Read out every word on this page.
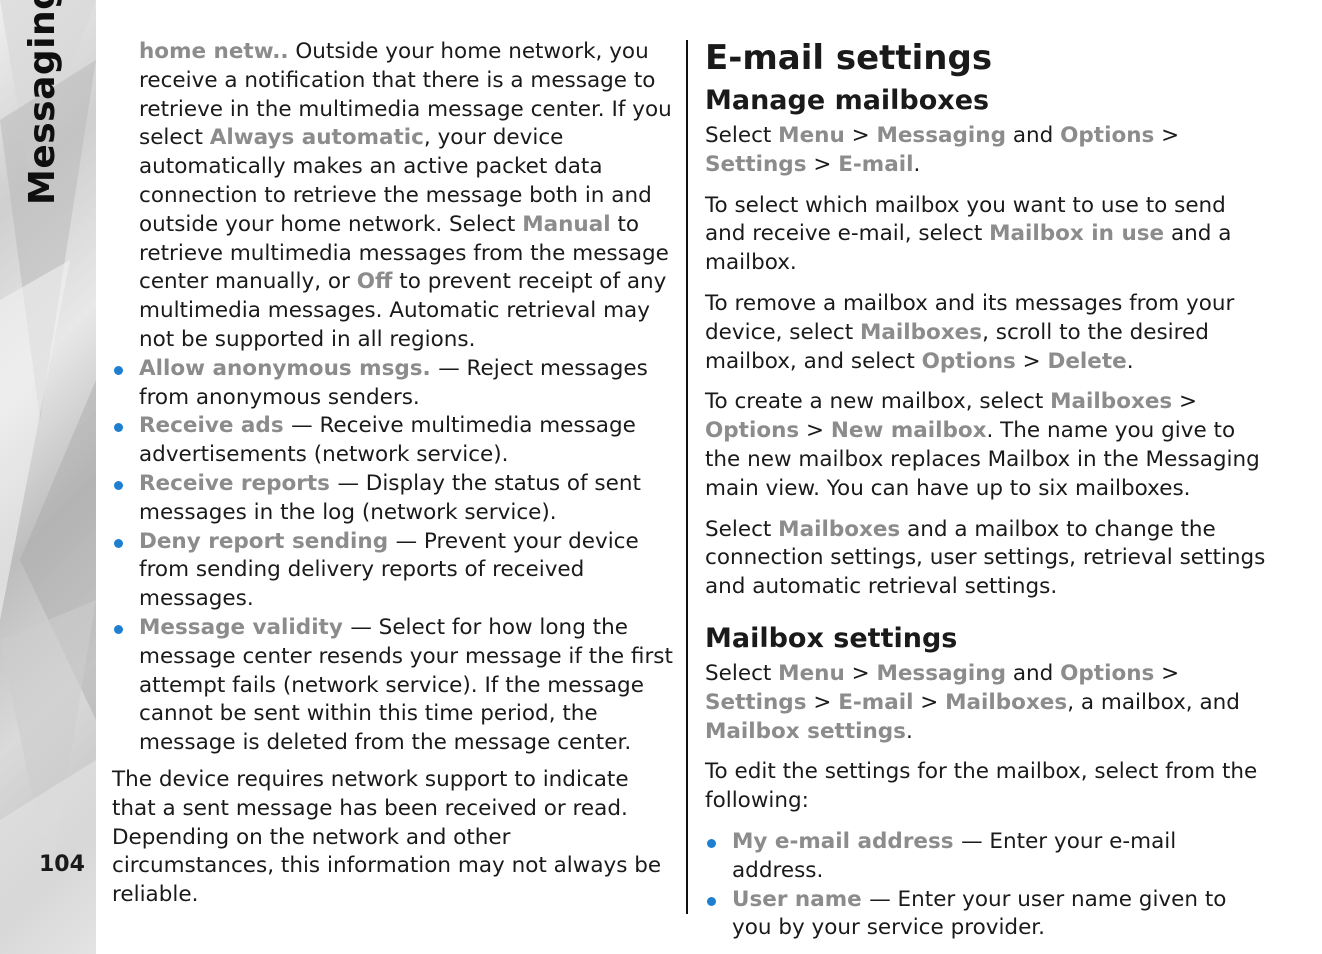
104

home netw.. Outside your home network, you receive a notification that there is a message to retrieve in the multimedia message center. If you select Always automatic, your device automatically makes an active packet data connection to retrieve the message both in and outside your home network. Select Manual to retrieve multimedia messages from the message center manually, or Off to prevent receipt of any multimedia messages. Automatic retrieval may not be supported in all regions.

Allow anonymous msgs. — Reject messages from anonymous senders.
Receive ads — Receive multimedia message advertisements (network service).
Receive reports — Display the status of sent messages in the log (network service).
Deny report sending — Prevent your device from sending delivery reports of received messages.
Message validity — Select for how long the message center resends your message if the first attempt fails (network service). If the message cannot be sent within this time period, the message is deleted from the message center.

The device requires network support to indicate that a sent message has been received or read. Depending on the network and other circumstances, this information may not always be reliable.

E-mail settings
Manage mailboxes

Select Menu > Messaging and Options > Settings > E-mail.

To select which mailbox you want to use to send and receive e-mail, select Mailbox in use and a mailbox.

To remove a mailbox and its messages from your device, select Mailboxes, scroll to the desired mailbox, and select Options > Delete.

To create a new mailbox, select Mailboxes > Options > New mailbox. The name you give to the new mailbox replaces Mailbox in the Messaging main view. You can have up to six mailboxes.

Select Mailboxes and a mailbox to change the connection settings, user settings, retrieval settings and automatic retrieval settings.

Mailbox settings

Select Menu > Messaging and Options > Settings > E-mail > Mailboxes, a mailbox, and Mailbox settings.

To edit the settings for the mailbox, select from the following:

My e-mail address — Enter your e-mail address.
User name — Enter your user name given to you by your service provider.
